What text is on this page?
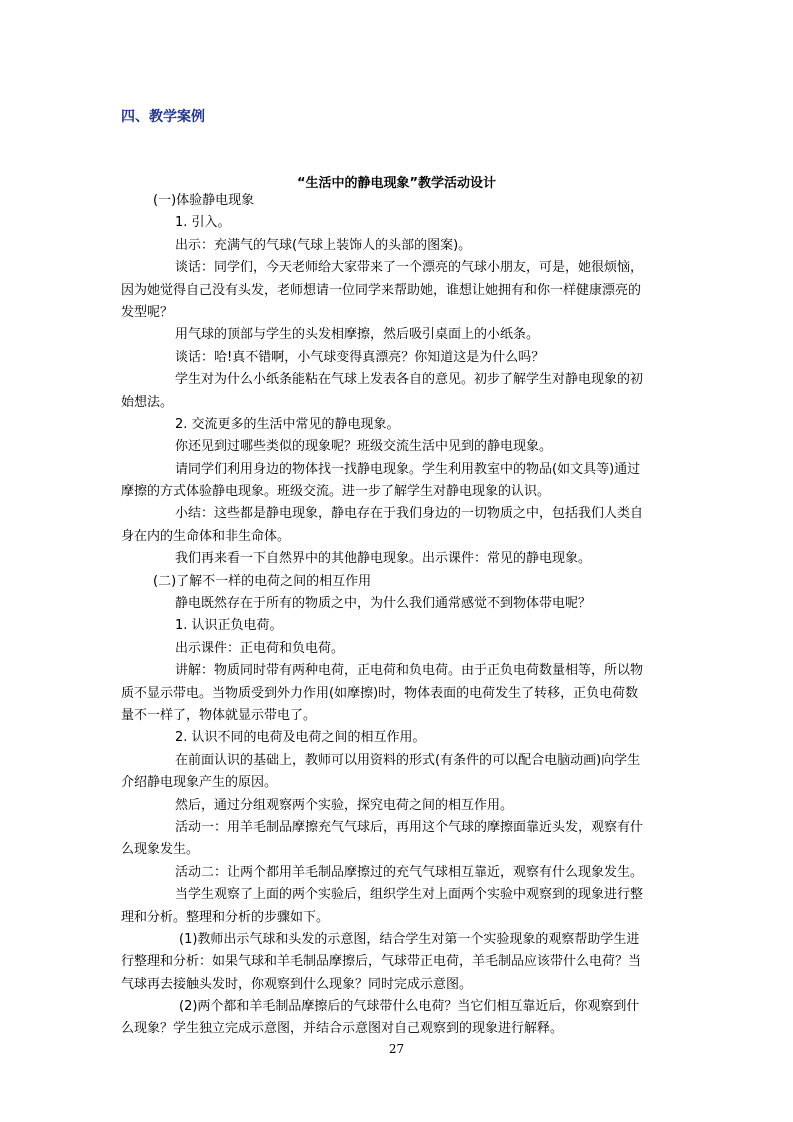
四、教学案例
“生活中的静电现象”教学活动设计

(一)体验静电现象

1. 引入。

出示：充满气的气球(气球上装饰人的头部的图案)。

谈话：同学们，今天老师给大家带来了一个漂亮的气球小朋友，可是，她很烦恼，

因为她觉得自己没有头发，老师想请一位同学来帮助她，谁想让她拥有和你一样健康漂亮的

发型呢？

用气球的顶部与学生的头发相摩擦，然后吸引桌面上的小纸条。

谈话：哈!真不错啊，小气球变得真漂亮？你知道这是为什么吗？

学生对为什么小纸条能粘在气球上发表各自的意见。初步了解学生对静电现象的初

始想法。

2. 交流更多的生活中常见的静电现象。

你还见到过哪些类似的现象呢？班级交流生活中见到的静电现象。

请同学们利用身边的物体找一找静电现象。学生利用教室中的物品(如文具等)通过

摩擦的方式体验静电现象。班级交流。进一步了解学生对静电现象的认识。

小结：这些都是静电现象，静电存在于我们身边的一切物质之中，包括我们人类自

身在内的生命体和非生命体。

我们再来看一下自然界中的其他静电现象。出示课件：常见的静电现象。

(二)了解不一样的电荷之间的相互作用

静电既然存在于所有的物质之中，为什么我们通常感觉不到物体带电呢？

1. 认识正负电荷。

出示课件：正电荷和负电荷。

讲解：物质同时带有两种电荷，正电荷和负电荷。由于正负电荷数量相等，所以物

质不显示带电。当物质受到外力作用(如摩擦)时，物体表面的电荷发生了转移，正负电荷数

量不一样了，物体就显示带电了。

2. 认识不同的电荷及电荷之间的相互作用。

在前面认识的基础上，教师可以用资料的形式(有条件的可以配合电脑动画)向学生

介绍静电现象产生的原因。

然后，通过分组观察两个实验，探究电荷之间的相互作用。

活动一：用羊毛制品摩擦充气气球后，再用这个气球的摩擦面靠近头发，观察有什

么现象发生。

活动二：让两个都用羊毛制品摩擦过的充气气球相互靠近，观察有什么现象发生。

当学生观察了上面的两个实验后，组织学生对上面两个实验中观察到的现象进行整

理和分析。整理和分析的步骤如下。

(1)教师出示气球和头发的示意图，结合学生对第一个实验现象的观察帮助学生进

行整理和分析：如果气球和羊毛制品摩擦后，气球带正电荷，羊毛制品应该带什么电荷？当

气球再去接触头发时，你观察到什么现象？同时完成示意图。

(2)两个都和羊毛制品摩擦后的气球带什么电荷？当它们相互靠近后，你观察到什

么现象？学生独立完成示意图，并结合示意图对自己观察到的现象进行解释。

27
